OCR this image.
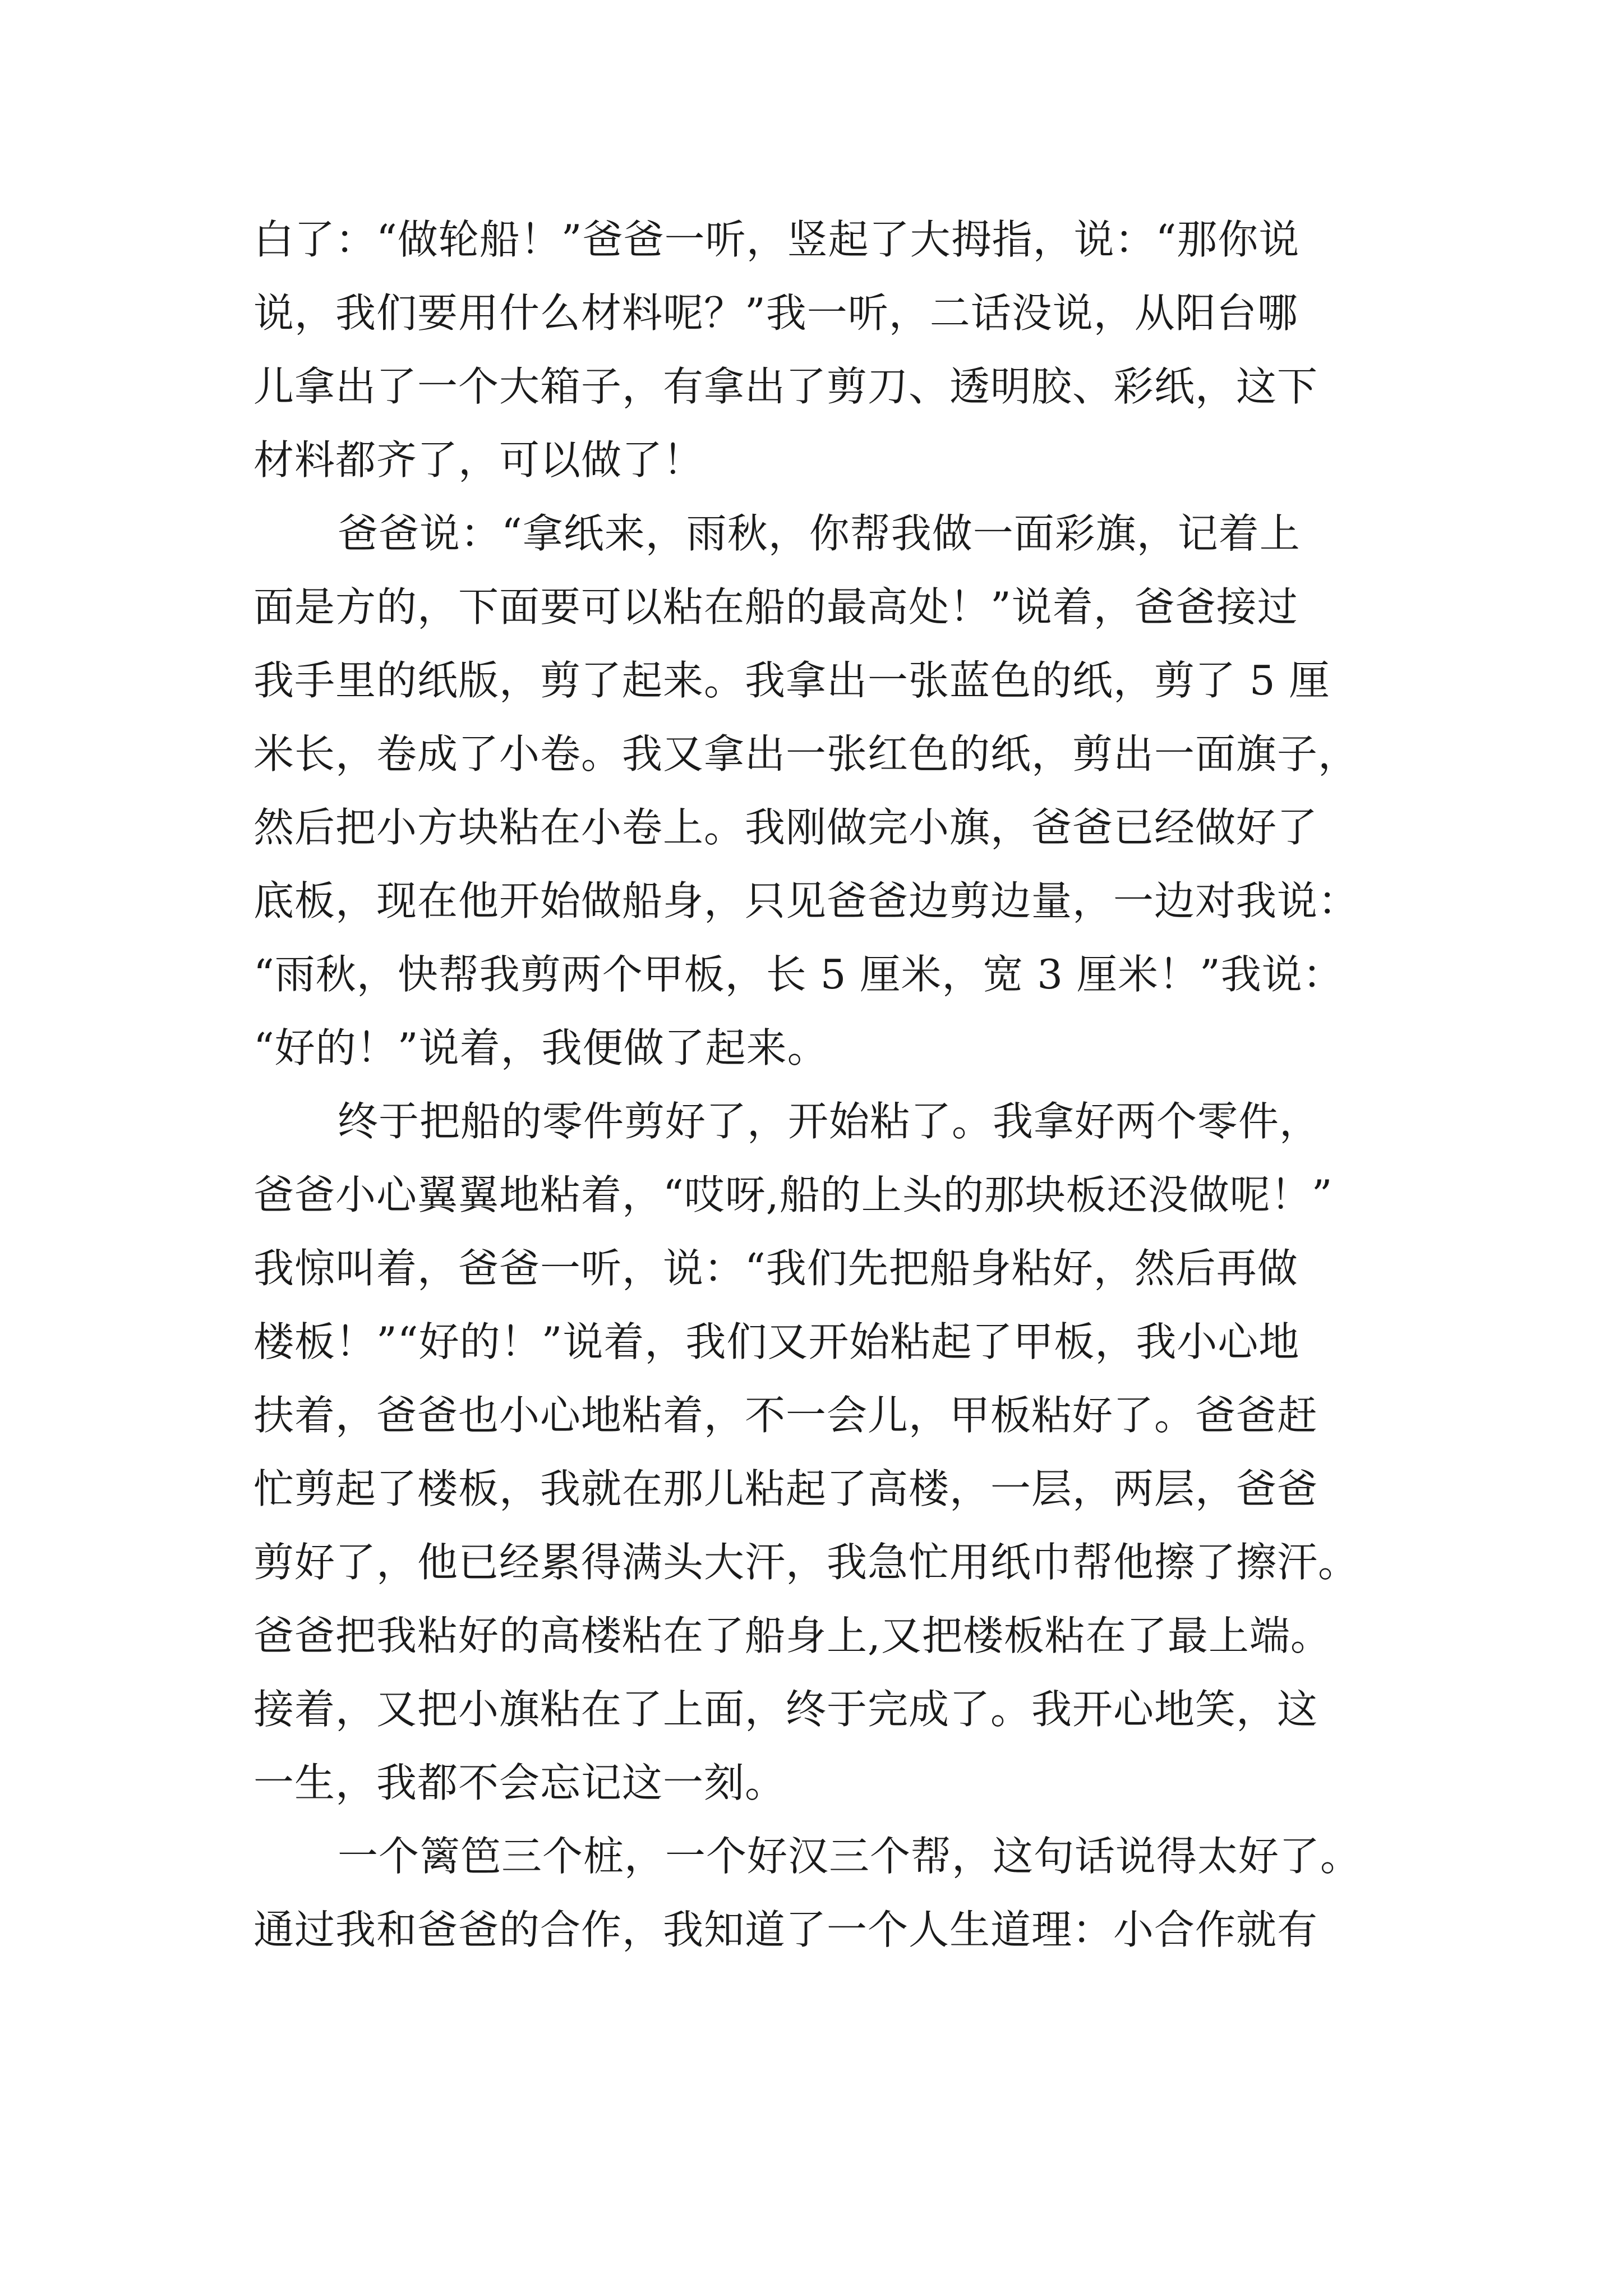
白了：“做轮船！”爸爸一听，竖起了大拇指，说：“那你说
说，我们要用什么材料呢？”我一听，二话没说，从阳台哪
儿拿出了一个大箱子，有拿出了剪刀、透明胶、彩纸，这下
材料都齐了，可以做了！
爸爸说：“拿纸来，雨秋，你帮我做一面彩旗，记着上
面是方的，下面要可以粘在船的最高处！”说着，爸爸接过
我手里的纸版，剪了起来。我拿出一张蓝色的纸，剪了 5 厘
米长，卷成了小卷。我又拿出一张红色的纸，剪出一面旗子，
然后把小方块粘在小卷上。我刚做完小旗，爸爸已经做好了
底板，现在他开始做船身，只见爸爸边剪边量，一边对我说：
“雨秋，快帮我剪两个甲板，长 5 厘米，宽 3 厘米！”我说：
“好的！”说着，我便做了起来。
终于把船的零件剪好了，开始粘了。我拿好两个零件，
爸爸小心翼翼地粘着，“哎呀,船的上头的那块板还没做呢！”
我惊叫着，爸爸一听，说：“我们先把船身粘好，然后再做
楼板！”“好的！”说着，我们又开始粘起了甲板，我小心地
扶着，爸爸也小心地粘着，不一会儿，甲板粘好了。爸爸赶
忙剪起了楼板，我就在那儿粘起了高楼，一层，两层，爸爸
剪好了，他已经累得满头大汗，我急忙用纸巾帮他擦了擦汗。
爸爸把我粘好的高楼粘在了船身上,又把楼板粘在了最上端。
接着，又把小旗粘在了上面，终于完成了。我开心地笑，这
一生，我都不会忘记这一刻。
一个篱笆三个桩，一个好汉三个帮，这句话说得太好了。
通过我和爸爸的合作，我知道了一个人生道理：小合作就有
